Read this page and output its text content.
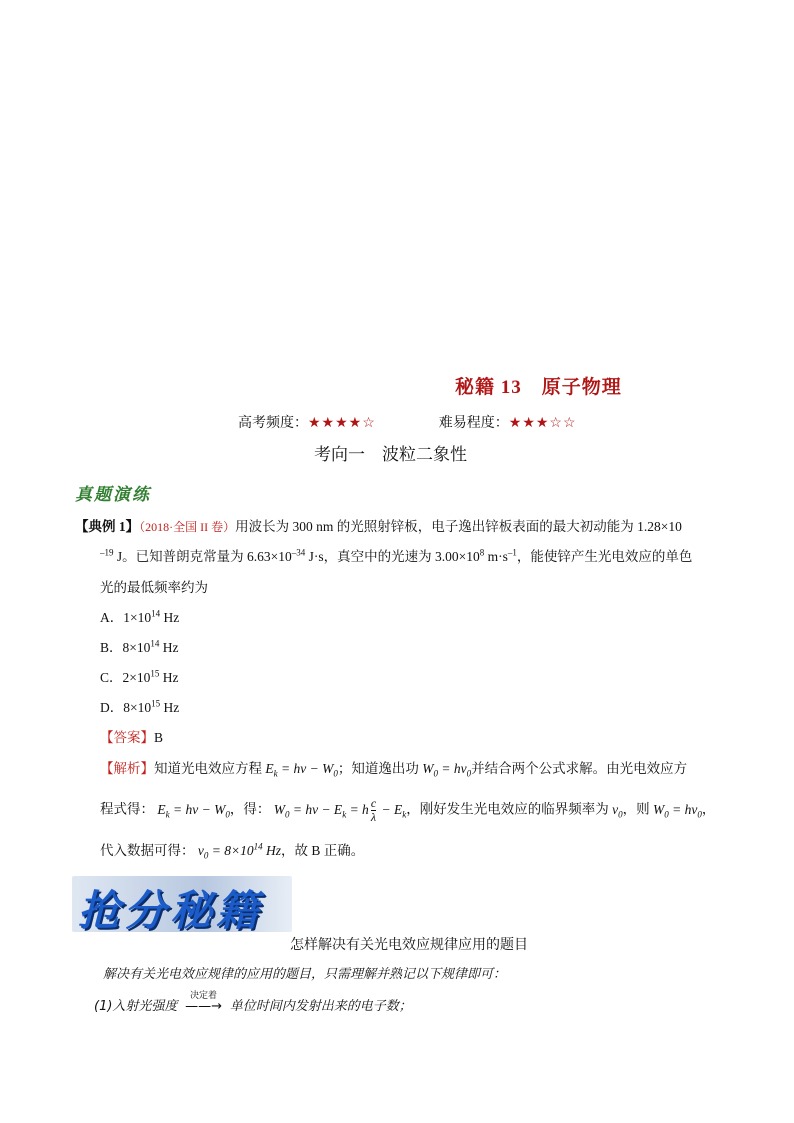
秘籍 13　原子物理
高考频度：★★★★☆	难易程度：★★★☆☆
考向一　波粒二象性
真题演练
【典例 1】（2018·全国 II 卷）用波长为 300 nm 的光照射锌板，电子逸出锌板表面的最大初动能为 1.28×10
$^{-19}$ J。已知普朗克常量为 $6.63\times 10^{-34}$ J·s，真空中的光速为 $3.00\times 10^8$ $m\cdot s^{-1}$，能使锌产生光电效应的单色
光的最低频率约为
A．$1\times 10^{14}$ Hz
B．$8\times 10^{14}$ Hz
C．$2\times 10^{15}$ Hz
D．$8\times 10^{15}$ Hz
【答案】B
【解析】知道光电效应方程 $E_k = h\nu - W_0$；知道逸出功 $W_0 = h\nu_0$并结合两个公式求解。由光电效应方
程式得： $E_k = h\nu - W_0$，得： $W_0 = h\nu - E_k = h \frac{c}{\lambda} - E_k$，刚好发生光电效应的临界频率为 $\nu_0$，则 $W_0 = h\nu_0$，
代入数据可得： $\nu_0 = 8\times 10^{14}$ Hz，故 B 正确。
抢分秘籍
怎样解决有关光电效应规律应用的题目
解决有关光电效应规律的应用的题目，只需理解并熟记以下规律即可：
(1)入射光强度
决定着
——→ 单位时间内发射出来的电子数；
